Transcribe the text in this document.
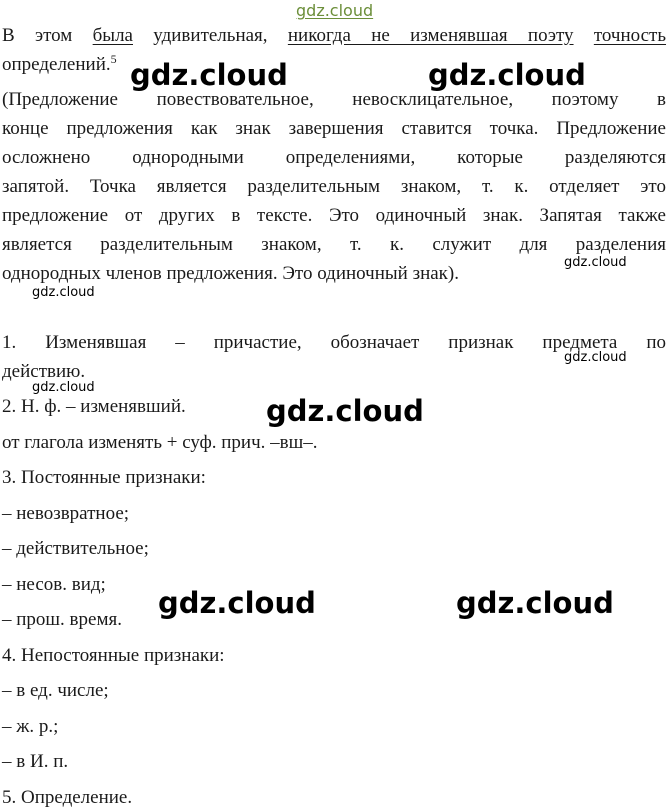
В этом была удивительная, никогда не изменявшая поэту точность
определений.$^5$
(Предложение повествовательное, невосклицательное, поэтому в
конце предложения как знак завершения ставится точка. Предложение
осложнено однородными определениями, которые разделяются
запятой. Точка является разделительным знаком, т. к. отделяет это
предложение от других в тексте. Это одиночный знак. Запятая также
является разделительным знаком, т. к. служит для разделения
однородных членов предложения. Это одиночный знак).
1. Изменявшая – причастие, обозначает признак предмета по
действию.
2. Н. ф. – изменявший.
от глагола изменять + суф. прич. –вш–.
3. Постоянные признаки:
– невозвратное;
– действительное;
– несов. вид;
– прош. время.
4. Непостоянные признаки:
– в ед. числе;
– ж. р.;
– в И. п.
5. Определение.
gdz.cloud
gdz.cloud	gdz.cloud
gdz.cloud
gdz.cloud
gdz.cloud
gdz.cloud
gdz.cloud
gdz.cloud	gdz.cloud
